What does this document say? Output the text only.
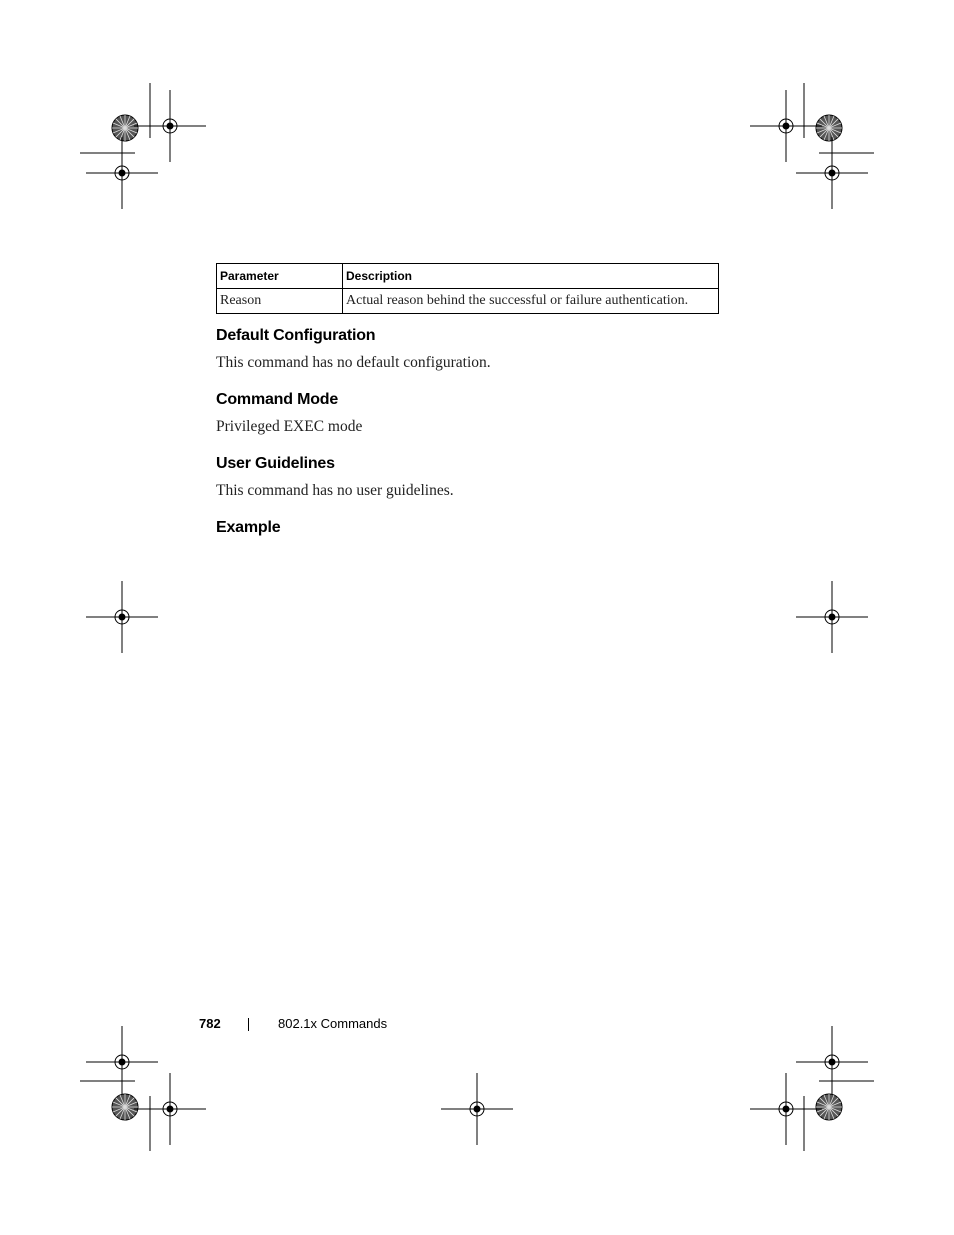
Parameter	Description
Reason	Actual reason behind the successful or failure authentication.
Default Configuration
This command has no default configuration.
Command Mode
Privileged EXEC mode
User Guidelines
This command has no user guidelines.
Example
782	802.1x Commands
